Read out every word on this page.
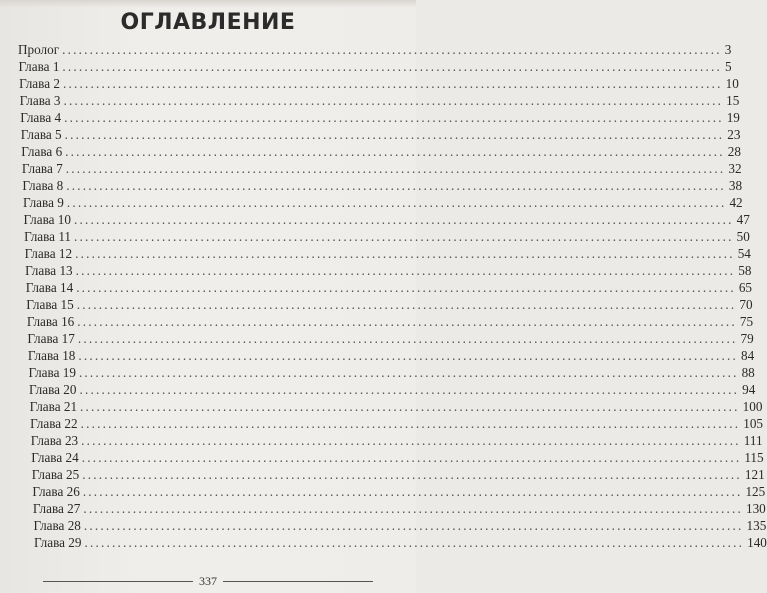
ОГЛАВЛЕНИЕ
Пролог ........................................................................................................................ 3
Глава 1 ........................................................................................................................ 5
Глава 2 ........................................................................................................................ 10
Глава 3 ........................................................................................................................ 15
Глава 4 ........................................................................................................................ 19
Глава 5 ........................................................................................................................ 23
Глава 6 ........................................................................................................................ 28
Глава 7 ........................................................................................................................ 32
Глава 8 ........................................................................................................................ 38
Глава 9 ........................................................................................................................ 42
Глава 10 ........................................................................................................................ 47
Глава 11 ........................................................................................................................ 50
Глава 12 ........................................................................................................................ 54
Глава 13 ........................................................................................................................ 58
Глава 14 ........................................................................................................................ 65
Глава 15 ........................................................................................................................ 70
Глава 16 ........................................................................................................................ 75
Глава 17 ........................................................................................................................ 79
Глава 18 ........................................................................................................................ 84
Глава 19 ........................................................................................................................ 88
Глава 20 ........................................................................................................................ 94
Глава 21 ........................................................................................................................ 100
Глава 22 ........................................................................................................................ 105
Глава 23 ........................................................................................................................ 111
Глава 24 ........................................................................................................................ 115
Глава 25 ........................................................................................................................ 121
Глава 26 ........................................................................................................................ 125
Глава 27 ........................................................................................................................ 130
Глава 28 ........................................................................................................................ 135
Глава 29 ........................................................................................................................ 140
337
